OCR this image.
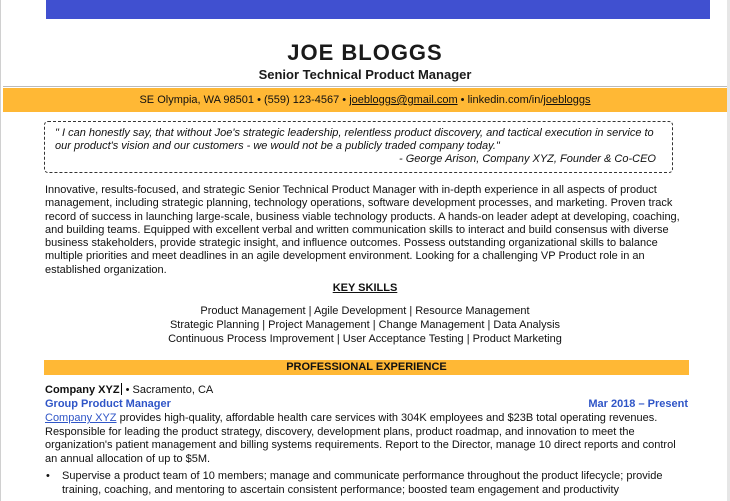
JOE BLOGGS
Senior Technical Product Manager
SE Olympia, WA 98501 • (559) 123-4567 • joebloggs@gmail.com • linkedin.com/in/joebloggs
" I can honestly say, that without Joe's strategic leadership, relentless product discovery, and tactical execution in service to our product's vision and our customers - we would not be a publicly traded company today."
- George Arison, Company XYZ, Founder & Co-CEO
Innovative, results-focused, and strategic Senior Technical Product Manager with in-depth experience in all aspects of product management, including strategic planning, technology operations, software development processes, and marketing. Proven track record of success in launching large-scale, business viable technology products. A hands-on leader adept at developing, coaching, and building teams. Equipped with excellent verbal and written communication skills to interact and build consensus with diverse business stakeholders, provide strategic insight, and influence outcomes. Possess outstanding organizational skills to balance multiple priorities and meet deadlines in an agile development environment. Looking for a challenging VP Product role in an established organization.
KEY SKILLS
Product Management | Agile Development | Resource Management
Strategic Planning | Project Management | Change Management | Data Analysis
Continuous Process Improvement | User Acceptance Testing | Product Marketing
PROFESSIONAL EXPERIENCE
Company XYZ • Sacramento, CA
Group Product Manager	Mar 2018 – Present
Company XYZ provides high-quality, affordable health care services with 304K employees and $23B total operating revenues. Responsible for leading the product strategy, discovery, development plans, product roadmap, and innovation to meet the organization's patient management and billing systems requirements. Report to the Director, manage 10 direct reports and control an annual allocation of up to $5M.
• Supervise a product team of 10 members; manage and communicate performance throughout the product lifecycle; provide training, coaching, and mentoring to ascertain consistent performance; boosted team engagement and productivity
